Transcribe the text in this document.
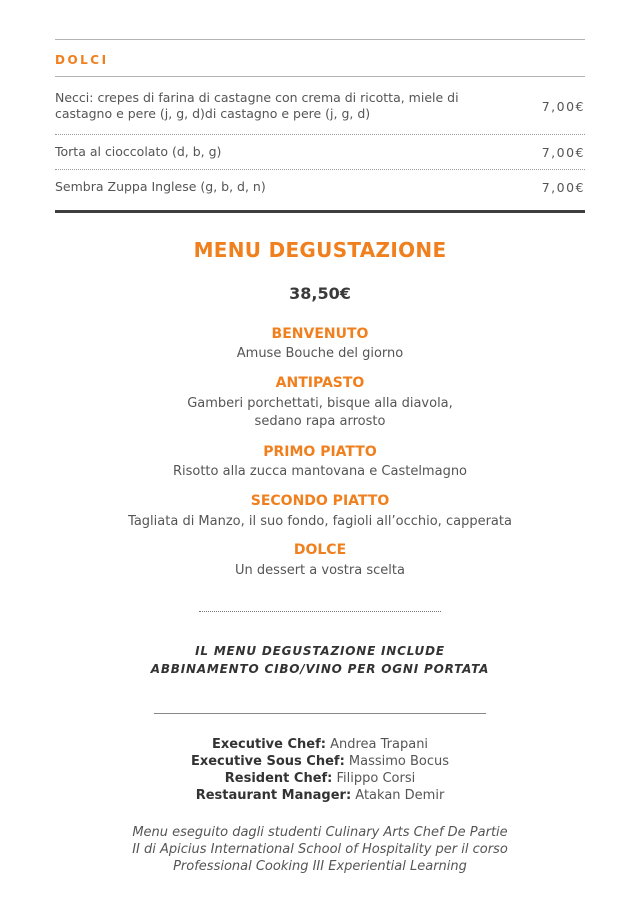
DOLCI
Necci: crepes di farina di castagne con crema di ricotta, miele di castagno e pere (j, g, d)di castagno e pere (j, g, d)	7,00€
Torta al cioccolato (d, b, g)	7,00€
Sembra Zuppa Inglese (g, b, d, n)	7,00€
MENU DEGUSTAZIONE
38,50€
BENVENUTO
Amuse Bouche del giorno
ANTIPASTO
Gamberi porchettati, bisque alla diavola,
sedano rapa arrosto
PRIMO PIATTO
Risotto alla zucca mantovana e Castelmagno
SECONDO PIATTO
Tagliata di Manzo, il suo fondo, fagioli all’occhio, capperata
DOLCE
Un dessert a vostra scelta
IL MENU DEGUSTAZIONE INCLUDE
ABBINAMENTO CIBO/VINO PER OGNI PORTATA
Executive Chef: Andrea Trapani
Executive Sous Chef: Massimo Bocus
Resident Chef: Filippo Corsi
Restaurant Manager: Atakan Demir
Menu eseguito dagli studenti Culinary Arts Chef De Partie
II di Apicius International School of Hospitality per il corso
Professional Cooking III Experiential Learning
